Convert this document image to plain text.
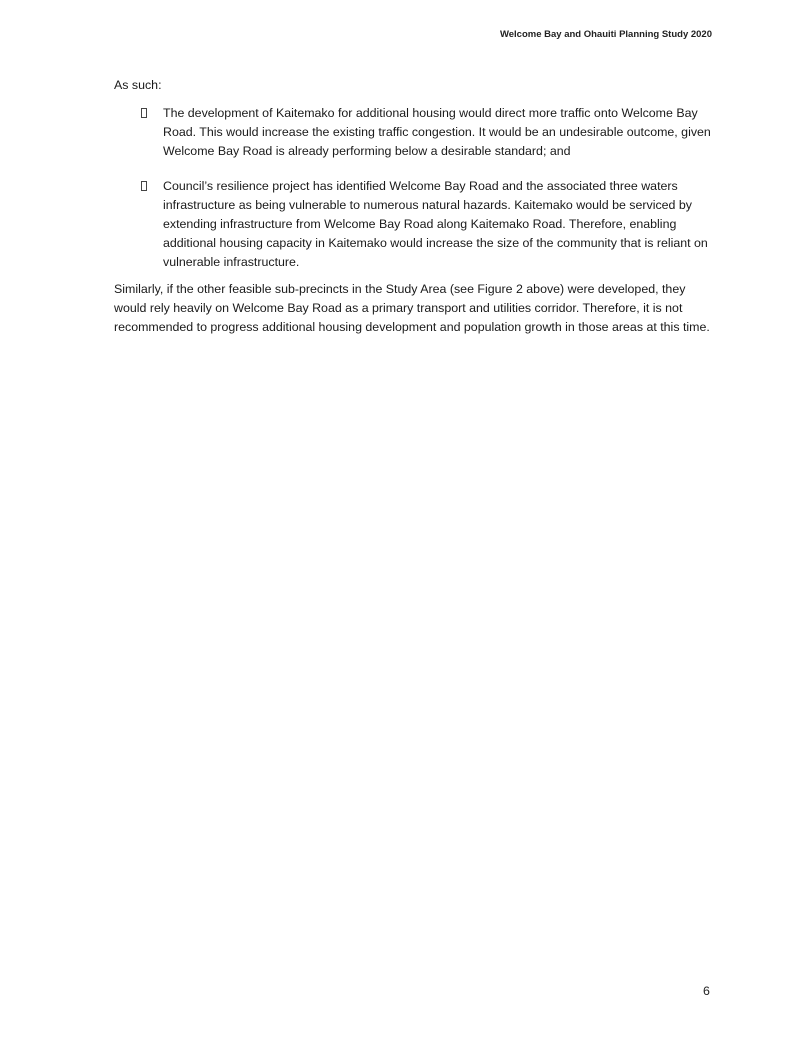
Welcome Bay and Ohauiti Planning Study 2020

As such:

The development of Kaitemako for additional housing would direct more traffic onto Welcome Bay Road. This would increase the existing traffic congestion. It would be an undesirable outcome, given Welcome Bay Road is already performing below a desirable standard; and
Council’s resilience project has identified Welcome Bay Road and the associated three waters infrastructure as being vulnerable to numerous natural hazards. Kaitemako would be serviced by extending infrastructure from Welcome Bay Road along Kaitemako Road. Therefore, enabling additional housing capacity in Kaitemako would increase the size of the community that is reliant on vulnerable infrastructure.

Similarly, if the other feasible sub-precincts in the Study Area (see Figure 2 above) were developed, they would rely heavily on Welcome Bay Road as a primary transport and utilities corridor. Therefore, it is not recommended to progress additional housing development and population growth in those areas at this time.

6
